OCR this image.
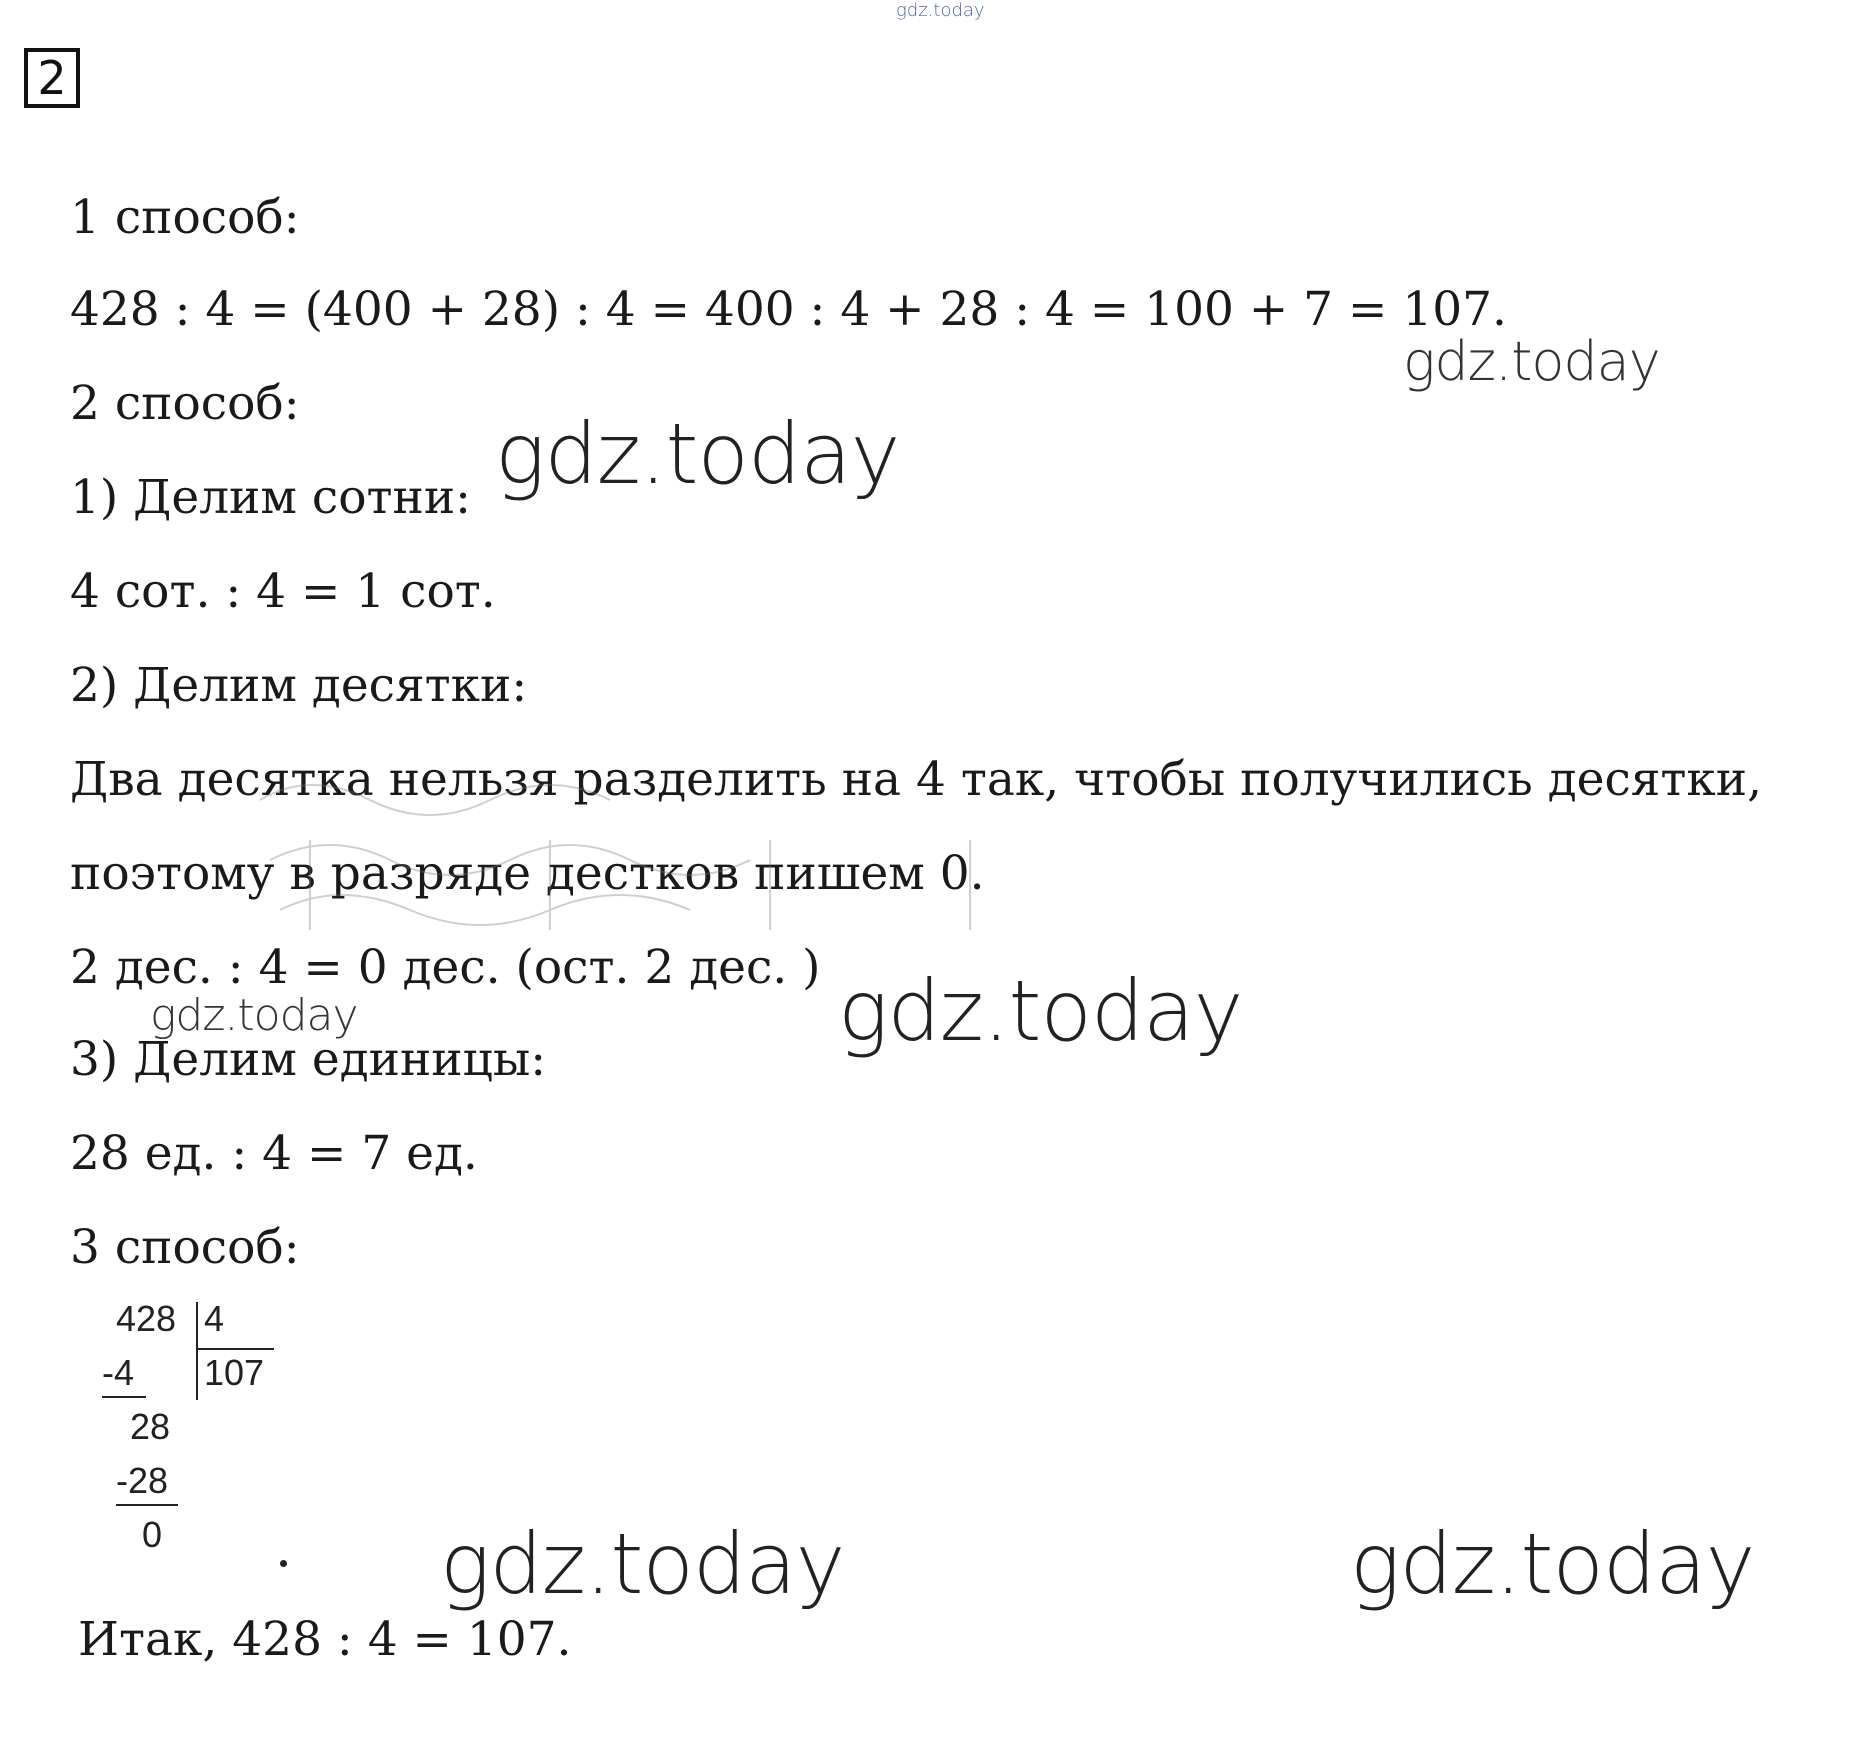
gdz.today
2
1 способ:
428 : 4 = (400 + 28) : 4 = 400 : 4 + 28 : 4 = 100 + 7 = 107.
2 способ:
1) Делим сотни:
4 сот. : 4 = 1 сот.
2) Делим десятки:
Два десятка нельзя разделить на 4 так, чтобы получились десятки,
поэтому в разряде дестков пишем 0.
2 дес. : 4 = 0 дес. (ост. 2 дес. )
3) Делим единицы:
28 ед. : 4 = 7 ед.
3 способ:
428 4
107
-4
28
-28
0
Итак, 428 : 4 = 107.
gdz.today
gdz.today
gdz.today	gdz.today
gdz.today	gdz.today
